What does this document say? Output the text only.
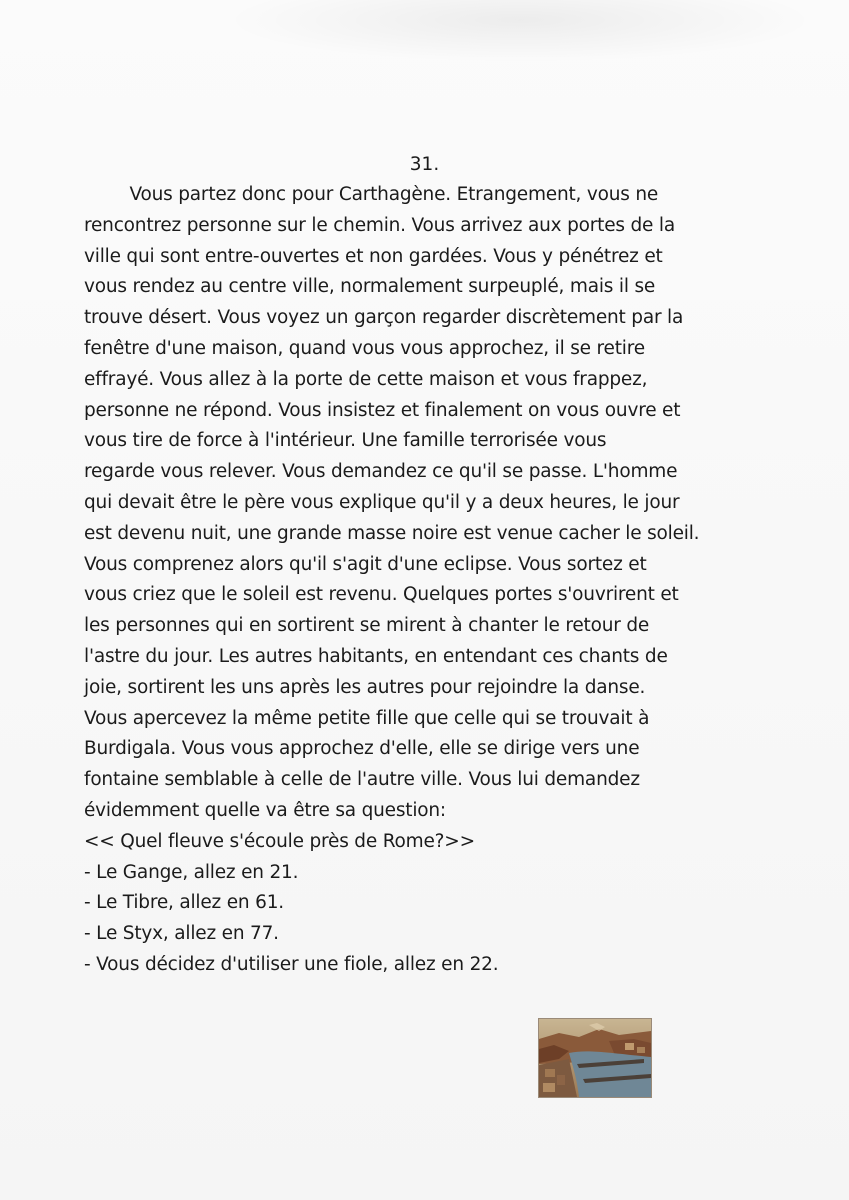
31.
Vous partez donc pour Carthagène. Etrangement, vous ne
rencontrez personne sur le chemin. Vous arrivez aux portes de la
ville qui sont entre-ouvertes et non gardées. Vous y pénétrez et
vous rendez au centre ville, normalement surpeuplé, mais il se
trouve désert. Vous voyez un garçon regarder discrètement par la
fenêtre d'une maison, quand vous vous approchez, il se retire
effrayé. Vous allez à la porte de cette maison et vous frappez,
personne ne répond. Vous insistez et finalement on vous ouvre et
vous tire de force à l'intérieur. Une famille terrorisée vous
regarde vous relever. Vous demandez ce qu'il se passe. L'homme
qui devait être le père vous explique qu'il y a deux heures, le jour
est devenu nuit, une grande masse noire est venue cacher le soleil.
Vous comprenez alors qu'il s'agit d'une eclipse. Vous sortez et
vous criez que le soleil est revenu. Quelques portes s'ouvrirent et
les personnes qui en sortirent se mirent à chanter le retour de
l'astre du jour. Les autres habitants, en entendant ces chants de
joie, sortirent les uns après les autres pour rejoindre la danse.
Vous apercevez la même petite fille que celle qui se trouvait à
Burdigala. Vous vous approchez d'elle, elle se dirige vers une
fontaine semblable à celle de l'autre ville. Vous lui demandez
évidemment quelle va être sa question:
<< Quel fleuve s'écoule près de Rome?>>
- Le Gange, allez en 21.
- Le Tibre, allez en 61.
- Le Styx, allez en 77.
- Vous décidez d'utiliser une fiole, allez en 22.
